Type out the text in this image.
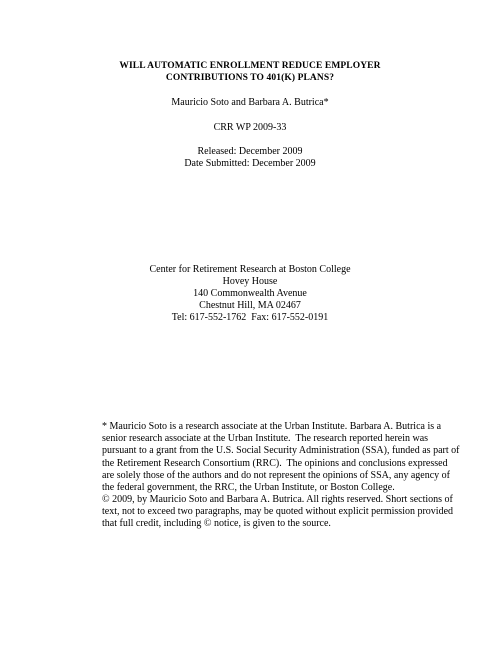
WILL AUTOMATIC ENROLLMENT REDUCE EMPLOYER
CONTRIBUTIONS TO 401(K) PLANS?
Mauricio Soto and Barbara A. Butrica*
CRR WP 2009-33
Released: December 2009
Date Submitted: December 2009
Center for Retirement Research at Boston College
Hovey House
140 Commonwealth Avenue
Chestnut Hill, MA 02467
Tel: 617-552-1762  Fax: 617-552-0191
* Mauricio Soto is a research associate at the Urban Institute. Barbara A. Butrica is a
senior research associate at the Urban Institute.  The research reported herein was
pursuant to a grant from the U.S. Social Security Administration (SSA), funded as part of
the Retirement Research Consortium (RRC).  The opinions and conclusions expressed
are solely those of the authors and do not represent the opinions of SSA, any agency of
the federal government, the RRC, the Urban Institute, or Boston College.
© 2009, by Mauricio Soto and Barbara A. Butrica. All rights reserved. Short sections of
text, not to exceed two paragraphs, may be quoted without explicit permission provided
that full credit, including © notice, is given to the source.
